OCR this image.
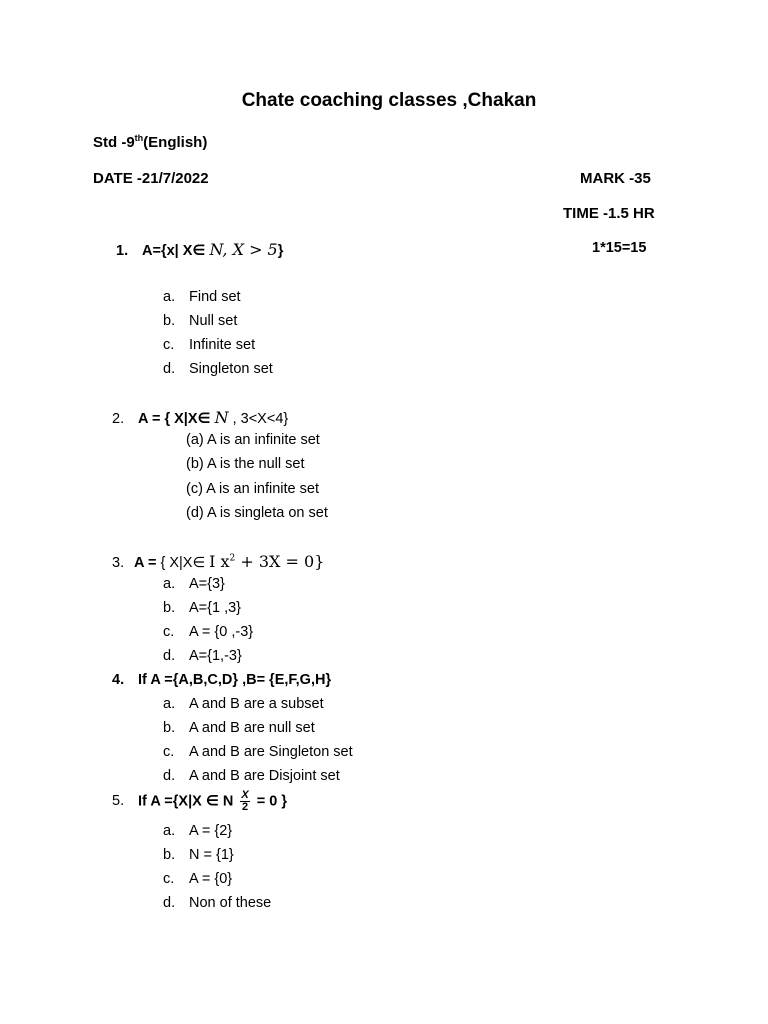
Chate coaching classes ,Chakan
Std -9th(English)
DATE -21/7/2022	MARK -35
TIME -1.5 HR
1. A={x| X∈ N, X > 5}	1*15=15
a. Find set
b. Null set
c. Infinite set
d. Singleton set
2. A = { X|X∈ N , 3<X<4}
(a) A is an infinite set
(b) A is the null set
(c) A is an infinite set
(d) A is singleta on set
3. A = { X|X∈ I $x^2 + 3X = 0$}
a. A={3}
b. A={1 ,3}
c. A = {0 ,-3}
d. A={1,-3}
4. If A ={A,B,C,D} ,B= {E,F,G,H}
a. A and B are a subset
b. A and B are null set
c. A and B are Singleton set
d. A and B are Disjoint set
5. If A ={X|X ∈ N $\frac{X}{2} = 0$ }
a. A = {2}
b. N = {1}
c. A = {0}
d. Non of these
